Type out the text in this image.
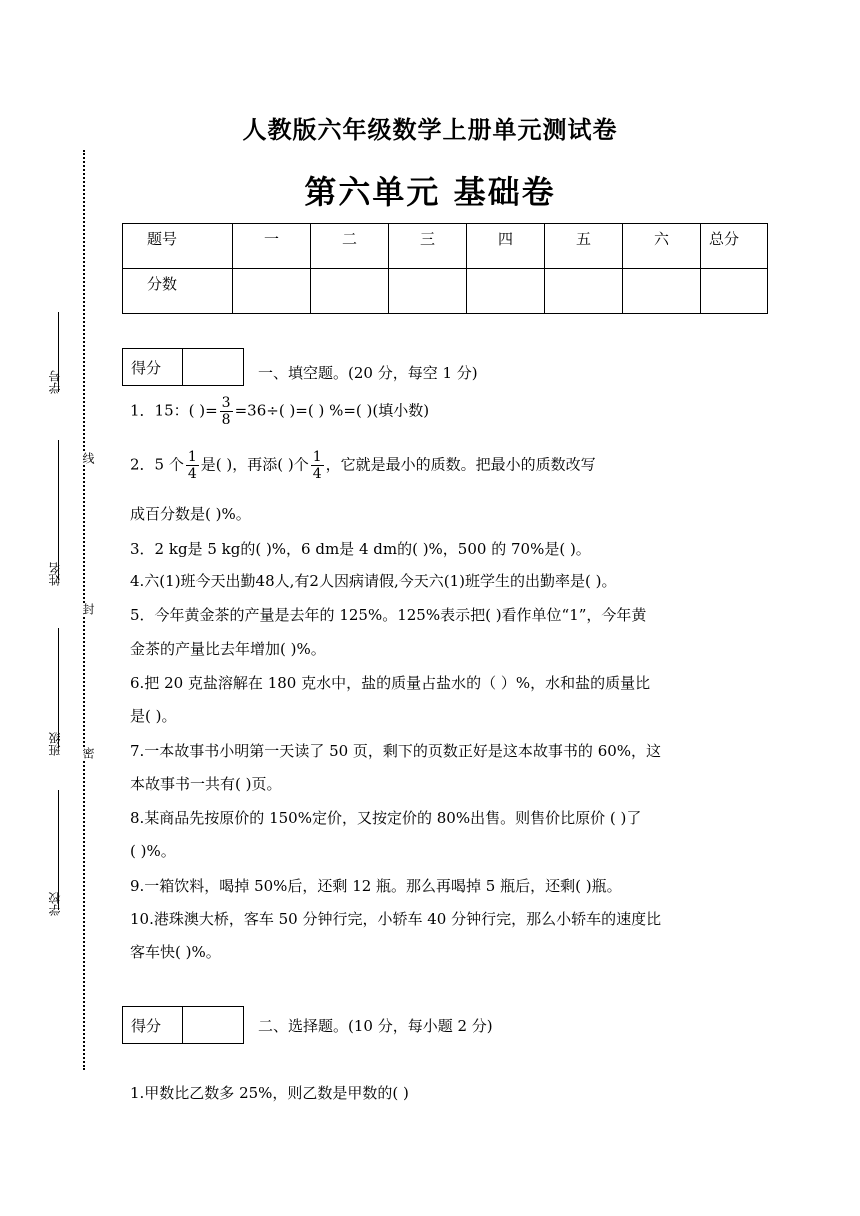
线
封
密
学号
姓名
班级
学校
人教版六年级数学上册单元测试卷
第六单元 基础卷
题号	一	二	三	四	五	六	总分
分数							
得分	一、填空题。(20 分，每空 1 分)
1．15：( )= $\frac{3}{8} =36\div$( )=( ) %=( )(填小数)
2．5 个 $\frac{1}{4}$ 是( )，再添( )个 $\frac{1}{4}$ ，它就是最小的质数。把最小的质数改写
成百分数是( )%。
3．2 kg是 5 kg的( )%，6 dm是 4 dm的( )%，500 的 70%是( )。
4.六(1)班今天出勤48人,有2人因病请假,今天六(1)班学生的出勤率是( )。
5．今年黄金茶的产量是去年的 125%。125%表示把( )看作单位“1”，今年黄
金茶的产量比去年增加( )%。
6.把 20 克盐溶解在 180 克水中，盐的质量占盐水的（ ）%，水和盐的质量比
是( )。
7.一本故事书小明第一天读了 50 页，剩下的页数正好是这本故事书的 60%，这
本故事书一共有( )页。
8.某商品先按原价的 150%定价，又按定价的 80%出售。则售价比原价 ( )了
( )%。
9.一箱饮料，喝掉 50%后，还剩 12 瓶。那么再喝掉 5 瓶后，还剩( )瓶。
10.港珠澳大桥，客车 50 分钟行完，小轿车 40 分钟行完，那么小轿车的速度比
客车快( )%。
得分	二、选择题。(10 分，每小题 2 分)
1.甲数比乙数多 25%，则乙数是甲数的( )
